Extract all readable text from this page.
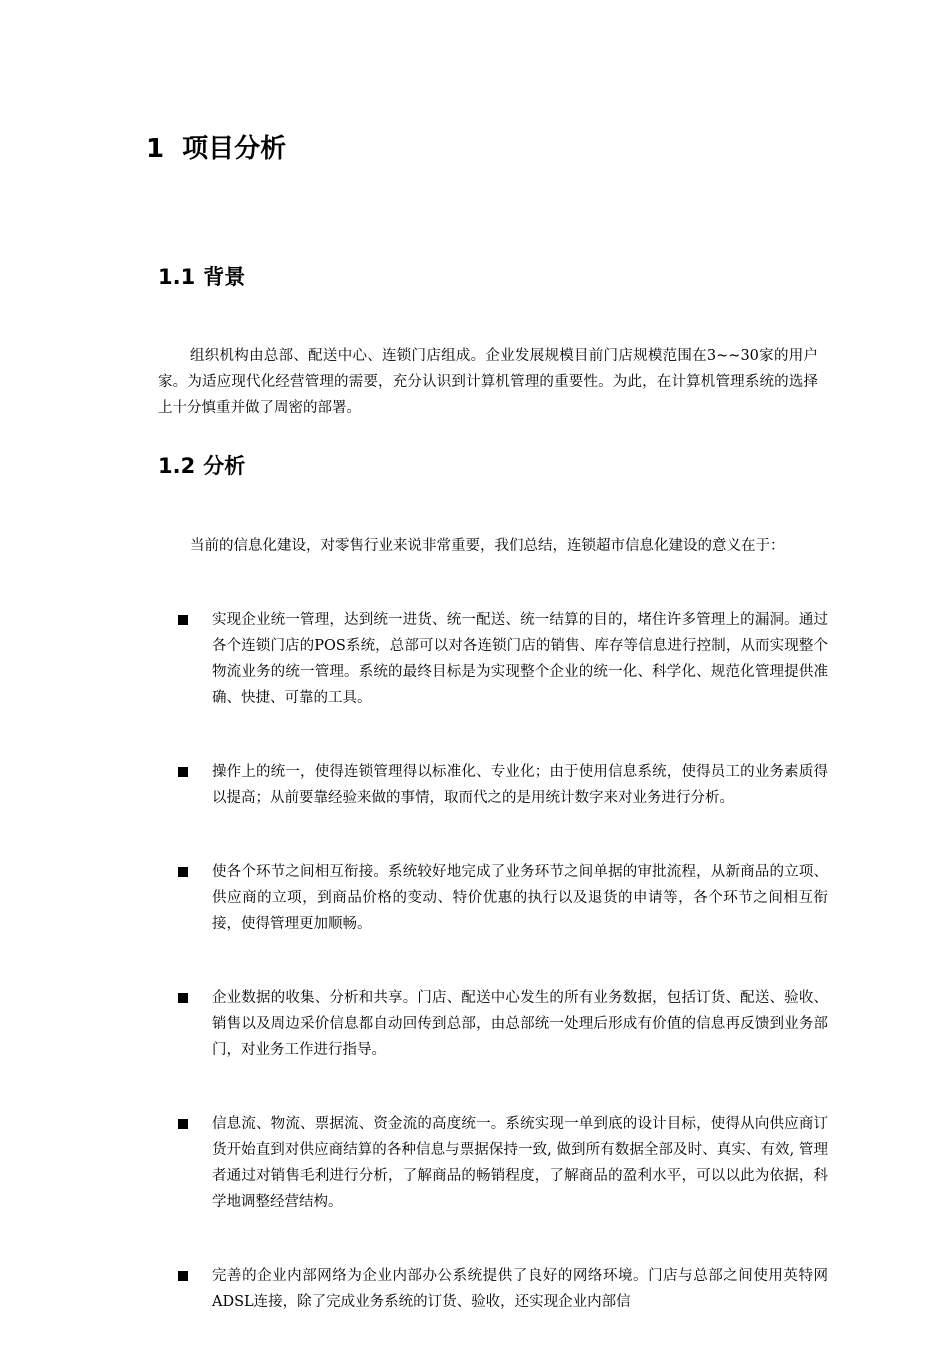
1 项目分析
1.1 背景

组织机构由总部、配送中心、连锁门店组成。企业发展规模目前门店规模范围在3~~30家的用户家。为适应现代化经营管理的需要，充分认识到计算机管理的重要性。为此，在计算机管理系统的选择上十分慎重并做了周密的部署。

1.2 分析

当前的信息化建设，对零售行业来说非常重要，我们总结，连锁超市信息化建设的意义在于：

实现企业统一管理，达到统一进货、统一配送、统一结算的目的，堵住许多管理上的漏洞。通过各个连锁门店的POS系统，总部可以对各连锁门店的销售、库存等信息进行控制，从而实现整个物流业务的统一管理。系统的最终目标是为实现整个企业的统一化、科学化、规范化管理提供准确、快捷、可靠的工具。
操作上的统一，使得连锁管理得以标准化、专业化；由于使用信息系统，使得员工的业务素质得以提高；从前要靠经验来做的事情，取而代之的是用统计数字来对业务进行分析。
使各个环节之间相互衔接。系统较好地完成了业务环节之间单据的审批流程，从新商品的立项、供应商的立项，到商品价格的变动、特价优惠的执行以及退货的申请等，各个环节之间相互衔接，使得管理更加顺畅。
企业数据的收集、分析和共享。门店、配送中心发生的所有业务数据，包括订货、配送、验收、销售以及周边采价信息都自动回传到总部，由总部统一处理后形成有价值的信息再反馈到业务部门，对业务工作进行指导。
信息流、物流、票据流、资金流的高度统一。系统实现一单到底的设计目标，使得从向供应商订货开始直到对供应商结算的各种信息与票据保持一致, 做到所有数据全部及时、真实、有效, 管理者通过对销售毛利进行分析，了解商品的畅销程度，了解商品的盈利水平，可以以此为依据，科学地调整经营结构。
完善的企业内部网络为企业内部办公系统提供了良好的网络环境。门店与总部之间使用英特网ADSL连接，除了完成业务系统的订货、验收，还实现企业内部信
